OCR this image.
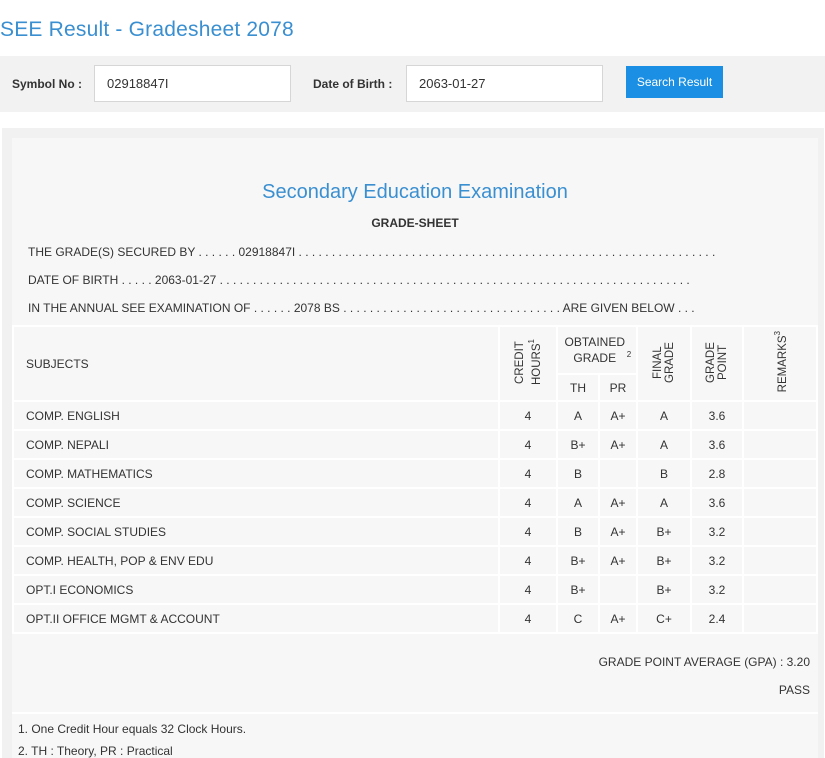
SEE Result - Gradesheet 2078
Symbol No :
02918847I	Date of Birth :
2063-01-27	Search Result
Secondary Education Examination
GRADE-SHEET
THE GRADE(S) SECURED BY . . . . . . 02918847I . . . . . . . . . . . . . . . . . . . . . . . . . . . . . . . . . . . . . . . . . . . . . . . . . . . . . . . . . . . . . . .
DATE OF BIRTH . . . . . 2063-01-27 . . . . . . . . . . . . . . . . . . . . . . . . . . . . . . . . . . . . . . . . . . . . . . . . . . . . . . . . . . . . . . . . . . . . . . .
IN THE ANNUAL SEE EXAMINATION OF . . . . . . 2078 BS . . . . . . . . . . . . . . . . . . . . . . . . . . . . . . . . . ARE GIVEN BELOW . . .
SUBJECTS	CREDIT HOURS$^1$	OBTAINED GRADE $^2$		FINAL GRADE	GRADE POINT	REMARKS$^3$
		TH	PR			
COMP. ENGLISH	4	A	A+	A	3.6	
COMP. NEPALI	4	B+	A+	A	3.6	
COMP. MATHEMATICS	4	B		B	2.8	
COMP. SCIENCE	4	A	A+	A	3.6	
COMP. SOCIAL STUDIES	4	B	A+	B+	3.2	
COMP. HEALTH, POP & ENV EDU	4	B+	A+	B+	3.2	
OPT.I ECONOMICS	4	B+		B+	3.2	
OPT.II OFFICE MGMT & ACCOUNT	4	C	A+	C+	2.4	
GRADE POINT AVERAGE (GPA) : 3.20
PASS
1. One Credit Hour equals 32 Clock Hours.
2. TH : Theory, PR : Practical
